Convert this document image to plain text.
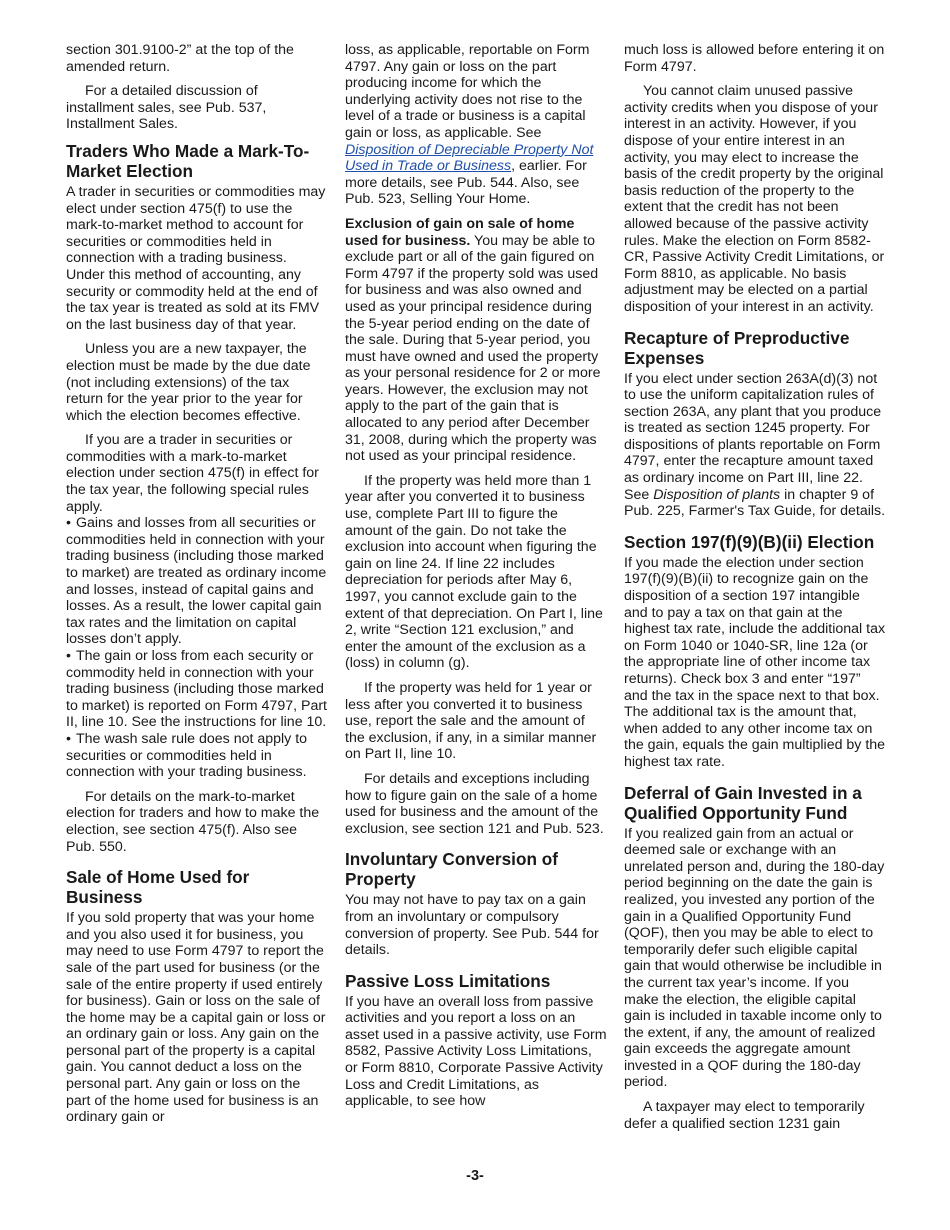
section 301.9100-2” at the top of the amended return.

For a detailed discussion of installment sales, see Pub. 537, Installment Sales.

Traders Who Made a Mark-To-Market Election

A trader in securities or commodities may elect under section 475(f) to use the mark-to-market method to account for securities or commodities held in connection with a trading business. Under this method of accounting, any security or commodity held at the end of the tax year is treated as sold at its FMV on the last business day of that year.

Unless you are a new taxpayer, the election must be made by the due date (not including extensions) of the tax return for the year prior to the year for which the election becomes effective.

If you are a trader in securities or commodities with a mark-to-market election under section 475(f) in effect for the tax year, the following special rules apply.

• Gains and losses from all securities or commodities held in connection with your trading business (including those marked to market) are treated as ordinary income and losses, instead of capital gains and losses. As a result, the lower capital gain tax rates and the limitation on capital losses don’t apply.

• The gain or loss from each security or commodity held in connection with your trading business (including those marked to market) is reported on Form 4797, Part II, line 10. See the instructions for line 10.

• The wash sale rule does not apply to securities or commodities held in connection with your trading business.

For details on the mark-to-market election for traders and how to make the election, see section 475(f). Also see Pub. 550.

Sale of Home Used for Business

If you sold property that was your home and you also used it for business, you may need to use Form 4797 to report the sale of the part used for business (or the sale of the entire property if used entirely for business). Gain or loss on the sale of the home may be a capital gain or loss or an ordinary gain or loss. Any gain on the personal part of the property is a capital gain. You cannot deduct a loss on the personal part. Any gain or loss on the part of the home used for business is an ordinary gain or

loss, as applicable, reportable on Form 4797. Any gain or loss on the part producing income for which the underlying activity does not rise to the level of a trade or business is a capital gain or loss, as applicable. See Disposition of Depreciable Property Not Used in Trade or Business, earlier. For more details, see Pub. 544. Also, see Pub. 523, Selling Your Home.

Exclusion of gain on sale of home used for business. You may be able to exclude part or all of the gain figured on Form 4797 if the property sold was used for business and was also owned and used as your principal residence during the 5-year period ending on the date of the sale. During that 5-year period, you must have owned and used the property as your personal residence for 2 or more years. However, the exclusion may not apply to the part of the gain that is allocated to any period after December 31, 2008, during which the property was not used as your principal residence.

If the property was held more than 1 year after you converted it to business use, complete Part III to figure the amount of the gain. Do not take the exclusion into account when figuring the gain on line 24. If line 22 includes depreciation for periods after May 6, 1997, you cannot exclude gain to the extent of that depreciation. On Part I, line 2, write “Section 121 exclusion,” and enter the amount of the exclusion as a (loss) in column (g).

If the property was held for 1 year or less after you converted it to business use, report the sale and the amount of the exclusion, if any, in a similar manner on Part II, line 10.

For details and exceptions including how to figure gain on the sale of a home used for business and the amount of the exclusion, see section 121 and Pub. 523.

Involuntary Conversion of Property

You may not have to pay tax on a gain from an involuntary or compulsory conversion of property. See Pub. 544 for details.

Passive Loss Limitations

If you have an overall loss from passive activities and you report a loss on an asset used in a passive activity, use Form 8582, Passive Activity Loss Limitations, or Form 8810, Corporate Passive Activity Loss and Credit Limitations, as applicable, to see how

much loss is allowed before entering it on Form 4797.

You cannot claim unused passive activity credits when you dispose of your interest in an activity. However, if you dispose of your entire interest in an activity, you may elect to increase the basis of the credit property by the original basis reduction of the property to the extent that the credit has not been allowed because of the passive activity rules. Make the election on Form 8582-CR, Passive Activity Credit Limitations, or Form 8810, as applicable. No basis adjustment may be elected on a partial disposition of your interest in an activity.

Recapture of Preproductive Expenses

If you elect under section 263A(d)(3) not to use the uniform capitalization rules of section 263A, any plant that you produce is treated as section 1245 property. For dispositions of plants reportable on Form 4797, enter the recapture amount taxed as ordinary income on Part III, line 22. See Disposition of plants in chapter 9 of Pub. 225, Farmer's Tax Guide, for details.

Section 197(f)(9)(B)(ii) Election

If you made the election under section 197(f)(9)(B)(ii) to recognize gain on the disposition of a section 197 intangible and to pay a tax on that gain at the highest tax rate, include the additional tax on Form 1040 or 1040-SR, line 12a (or the appropriate line of other income tax returns). Check box 3 and enter “197” and the tax in the space next to that box. The additional tax is the amount that, when added to any other income tax on the gain, equals the gain multiplied by the highest tax rate.

Deferral of Gain Invested in a Qualified Opportunity Fund

If you realized gain from an actual or deemed sale or exchange with an unrelated person and, during the 180-day period beginning on the date the gain is realized, you invested any portion of the gain in a Qualified Opportunity Fund (QOF), then you may be able to elect to temporarily defer such eligible capital gain that would otherwise be includible in the current tax year’s income. If you make the election, the eligible capital gain is included in taxable income only to the extent, if any, the amount of realized gain exceeds the aggregate amount invested in a QOF during the 180-day period.

A taxpayer may elect to temporarily defer a qualified section 1231 gain

-3-
